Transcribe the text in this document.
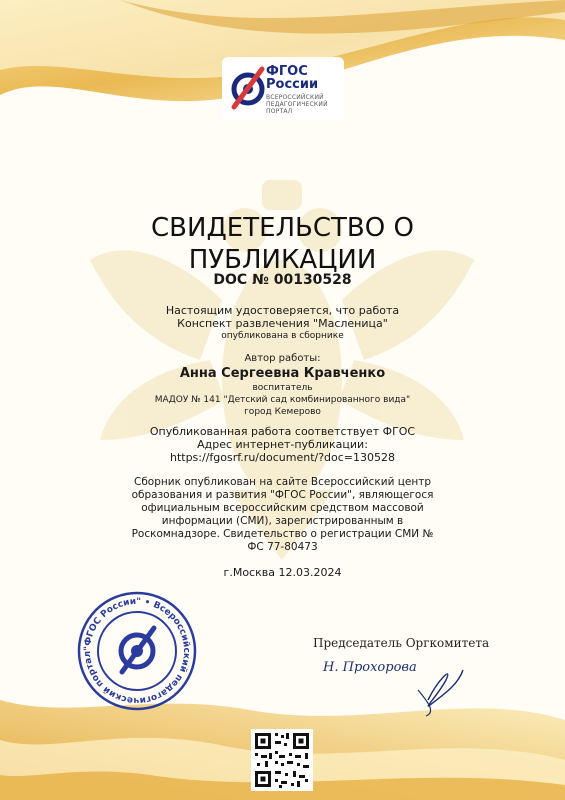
ФГОС
России
ВСЕРОССИЙСКИЙ
ПЕДАГОГИЧЕСКИЙ
ПОРТАЛ
СВИДЕТЕЛЬСТВО О
ПУБЛИКАЦИИ
DOC № 00130528
Настоящим удостоверяется, что работа
Конспект развлечения "Масленица"
опубликована в сборнике
Автор работы:
Анна Сергеевна Кравченко
воспитатель
МАДОУ № 141 "Детский сад комбинированного вида"
город Кемерово
Опубликованная работа соответствует ФГОС
Адрес интернет-публикации:
https://fgosrf.ru/document/?doc=130528
Сборник опубликован на сайте Всероссийский центр
образования и развития "ФГОС России", являющегося
официальным всероссийским средством массовой
информации (СМИ), зарегистрированным в
Роскомнадзоре. Свидетельство о регистрации СМИ №
ФС 77-80473
г.Москва 12.03.2024
"ФГОС России" • Всероссийский педагогический портал
Председатель Оргкомитета
Н. Прохорова
